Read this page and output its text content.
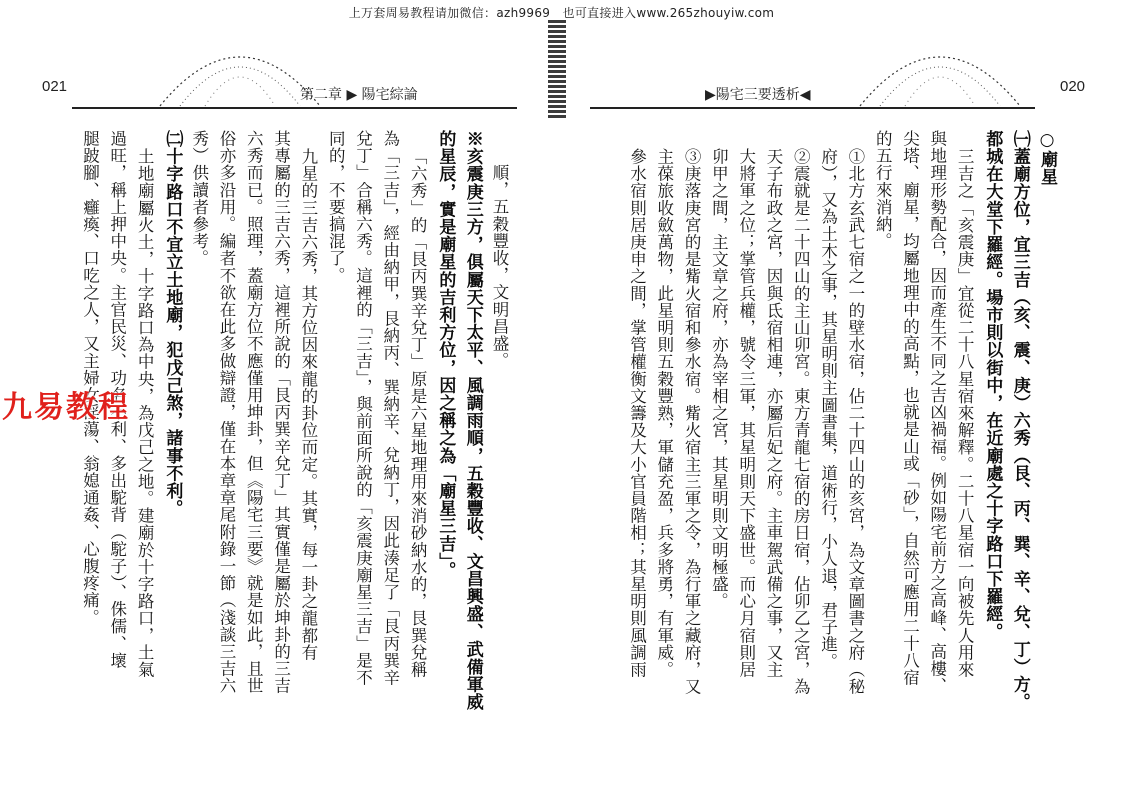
上万套周易教程请加微信：azh9969　也可直接进入www.265zhouyiw.com
021	第二章 ▶ 陽宅綜論	020
▶陽宅三要透析◀
順，五穀豐收，文明昌盛。
※亥震庚三方，俱屬天下太平、風調雨順，五穀豐收、文昌興盛、武備軍威
的星辰，實是廟星的吉利方位，因之稱之為「廟星三吉」。
「六秀」的「艮丙巽辛兌丁」原是六星地理用來消砂納水的，艮巽兌稱
為「三吉」，經由納甲，艮納丙、巽納辛、兌納丁，因此湊足了「艮丙巽辛
兌丁」合稱六秀。這裡的「三吉」，與前面所說的「亥震庚廟星三吉」是不
同的，不要搞混了。
九星的三吉六秀，其方位因來龍的卦位而定。其實，每一卦之龍都有
其專屬的三吉六秀，這裡所說的「艮丙巽辛兌丁」其實僅是屬於坤卦的三吉
六秀而已。照理，蓋廟方位不應僅用坤卦，但《陽宅三要》就是如此，且世
俗亦多沿用。編者不欲在此多做辯證，僅在本章章尾附錄一節（淺談三吉六
秀）供讀者參考。
㈡十字路口不宜立土地廟，犯戊己煞，諸事不利。
土地廟屬火土，十字路口為中央，為戊己之地。建廟於十字路口，土氣
過旺，稱上押中央。主官民災、功名不利、多出駝背（駝子）、侏儒、壞
腿跛腳、癰瘓、口吃之人，又主婦女淫蕩、翁媳通姦、心腹疼痛。	○廟星
㈠蓋廟方位，宜三吉（亥、震、庚）六秀（艮、丙、巽、辛、兌、丁）方。
都城在大堂下羅經。場市則以街中，在近廟處之十字路口下羅經。
三吉之「亥震庚」宜從二十八星宿來解釋。二十八星宿一向被先人用來
與地理形勢配合，因而產生不同之吉凶禍福。例如陽宅前方之高峰、高樓、
尖塔、廟星，均屬地理中的高點，也就是山或「砂」，自然可應用二十八宿
的五行來消納。
①北方玄武七宿之一的壁水宿，佔二十四山的亥宮，為文章圖書之府（秘
府），又為土木之事，其星明則主圖書集，道術行，小人退，君子進。
②震就是二十四山的主山卯宮。東方青龍七宿的房日宿，佔卯乙之宮，為
天子布政之宮，因與氐宿相連，亦屬后妃之府。主車駕武備之事，又主
大將軍之位；掌管兵權，號令三軍，其星明則天下盛世。而心月宿則居
卯甲之間，主文章之府，亦為宰相之宮，其星明則文明極盛。
③庚落庚宮的是觜火宿和參水宿。觜火宿主三軍之令，為行軍之藏府，又
主葆旅收斂萬物，此星明則五穀豐熟，軍儲充盈，兵多將勇，有軍威。
參水宿則居庚申之間，掌管權衡文籌及大小官員階相；其星明則風調雨
九易教程
